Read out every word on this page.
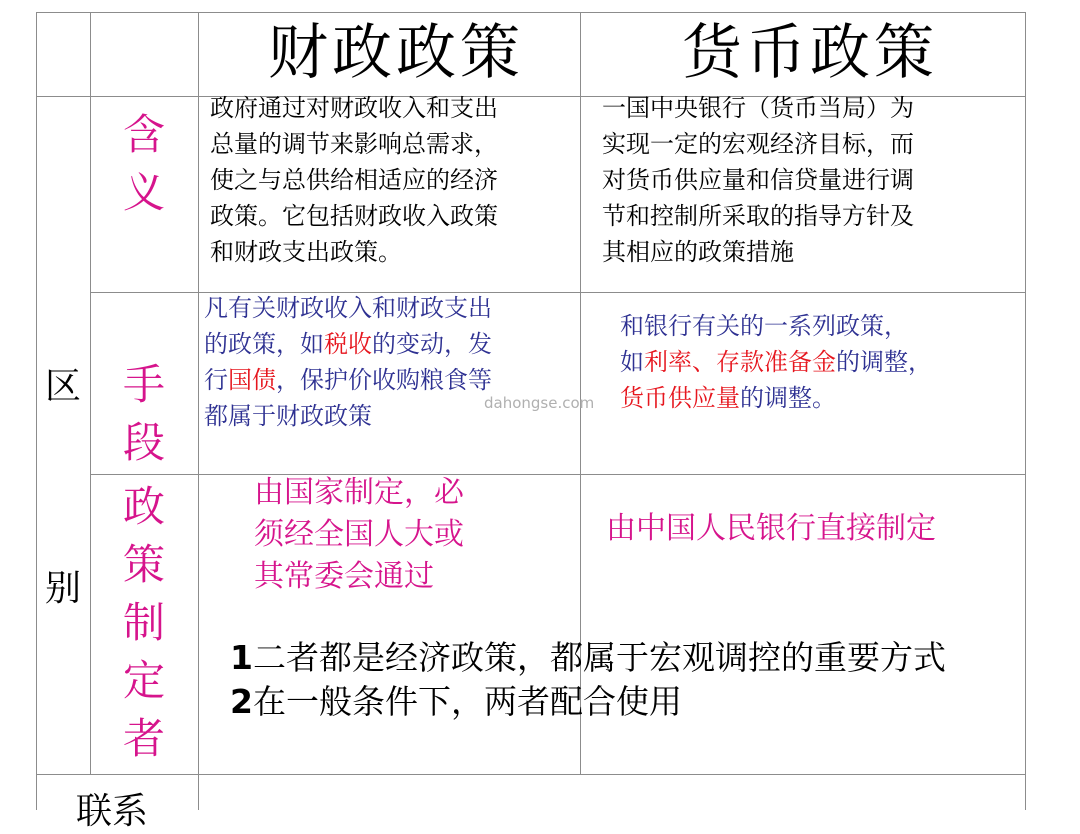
财政政策	货币政策
区
别
联系
含义
手段
政策制定者
政府通过对财政收入和支出
总量的调节来影响总需求，
使之与总供给相适应的经济
政策。它包括财政收入政策
和财政支出政策。
一国中央银行（货币当局）为
实现一定的宏观经济目标，而
对货币供应量和信贷量进行调
节和控制所采取的指导方针及
其相应的政策措施
凡有关财政收入和财政支出
的政策，如税收的变动，发
行国债，保护价收购粮食等
都属于财政政策
和银行有关的一系列政策，
如利率、存款准备金的调整，
货币供应量的调整。
dahongse.com
由国家制定，必
须经全国人大或
其常委会通过
由中国人民银行直接制定
1二者都是经济政策，都属于宏观调控的重要方式
2在一般条件下，两者配合使用
